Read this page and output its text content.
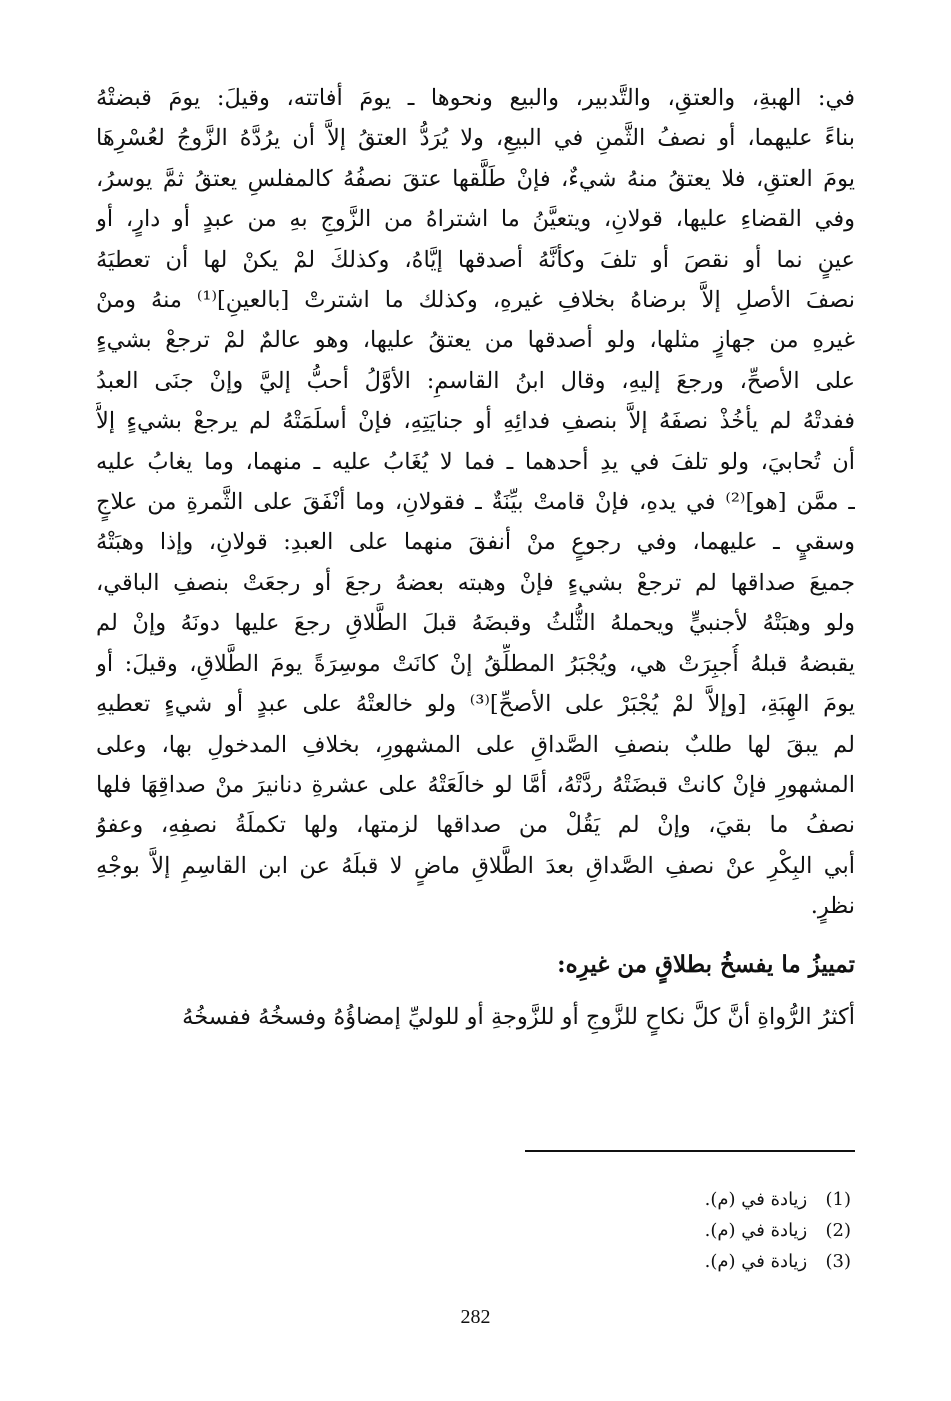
في: الهبةِ، والعتقِ، والتَّدبير، والبيع ونحوها ـ يومَ أفاتته، وقيلَ: يومَ قبضتْهُ
بناءً عليهما، أو نصفُ الثَّمنِ في البيعِ، ولا يُرَدُّ العتقُ إلاَّ أن يرُدَّهُ الزَّوجُ لعُسْرِهَا
يومَ العتقِ، فلا يعتقُ منهُ شيءٌ، فإنْ طَلَّقها عتقَ نصفُهُ كالمفلسِ يعتقُ ثمَّ يوسرُ،
وفي القضاءِ عليها، قولانِ، ويتعيَّنُ ما اشتراهُ من الزَّوجِ بهِ من عبدٍ أو دارٍ، أو
عينٍ نما أو نقصَ أو تلفَ وكأنَّهُ أصدقها إيَّاهُ، وكذلكَ لمْ يكنْ لها أن تعطيَهُ
نصفَ الأصلِ إلاَّ برضاهُ بخلافِ غيرهِ، وكذلك ما اشترتْ [بالعينِ]⁽¹⁾ منهُ ومنْ
غيرهِ من جهازٍ مثلها، ولو أصدقها من يعتقُ عليها، وهو عالمٌ لمْ ترجعْ بشيءٍ
على الأصحِّ، ورجعَ إليهِ، وقال ابنُ القاسمِ: الأوَّلُ أحبُّ إليَّ وإنْ جنَى العبدُ
ففدتْهُ لم يأخُذْ نصفَهُ إلاَّ بنصفِ فدائِهِ أو جنايَتِهِ، فإنْ أسلَمَتْهُ لم يرجعْ بشيءٍ إلاَّ
أن تُحابيَ، ولو تلفَ في يدِ أحدهما ـ فما لا يُغَابُ عليه ـ منهما، وما يغابُ عليه
ـ ممَّن [هو]⁽²⁾ في يدهِ، فإنْ قامتْ بيِّنَةٌ ـ فقولانِ، وما أنْفَقَ على الثَّمرةِ من علاجٍ
وسقيٍ ـ عليهما، وفي رجوعٍ منْ أنفقَ منهما على العبدِ: قولانِ، وإذا وهبَتْهُ
جميعَ صداقها لم ترجعْ بشيءٍ فإنْ وهبته بعضهُ رجعَ أو رجعَتْ بنصفِ الباقي،
ولو وهبَتْهُ لأجنبيٍّ ويحملهُ الثُّلثُ وقبضَهُ قبلَ الطَّلاقِ رجعَ عليها دونَهُ وإنْ لم
يقبضهُ قبلهُ أُجبِرَتْ هي، ويُجْبَرُ المطلِّقُ إنْ كانَتْ موسِرَةً يومَ الطَّلاقِ، وقيلَ: أو
يومَ الهِبَةِ، [وإلاَّ لمْ يُجْبَرْ على الأصحِّ]⁽³⁾ ولو خالعتْهُ على عبدٍ أو شيءٍ تعطيهِ
لم يبقَ لها طلبٌ بنصفِ الصَّداقِ على المشهورِ، بخلافِ المدخولِ بها، وعلى
المشهورِ فإنْ كانتْ قبضَتْهُ ردَّتْهُ، أمَّا لو خالَعَتْهُ على عشرةِ دنانيرَ منْ صداقِهَا فلها
نصفُ ما بقيَ، وإنْ لم يَقُلْ من صداقها لزمتها، ولها تكملَةُ نصفِهِ، وعفوُ
أبي البِكْرِ عنْ نصفِ الصَّداقِ بعدَ الطَّلاقِ ماضٍ لا قبلَهُ عن ابن القاسِمِ إلاَّ بوجْهِ
نظرٍ.
تمييزُ ما يفسخُ بطلاقٍ من غيرِه:
أكثرُ الرُّواةِ أنَّ كلَّ نكاحٍ للزَّوجِ أو للزَّوجةِ أو للوليِّ إمضاؤُهُ وفسخُهُ ففسخُهُ
(1) زيادة في (م).
(2) زيادة في (م).
(3) زيادة في (م).
282
